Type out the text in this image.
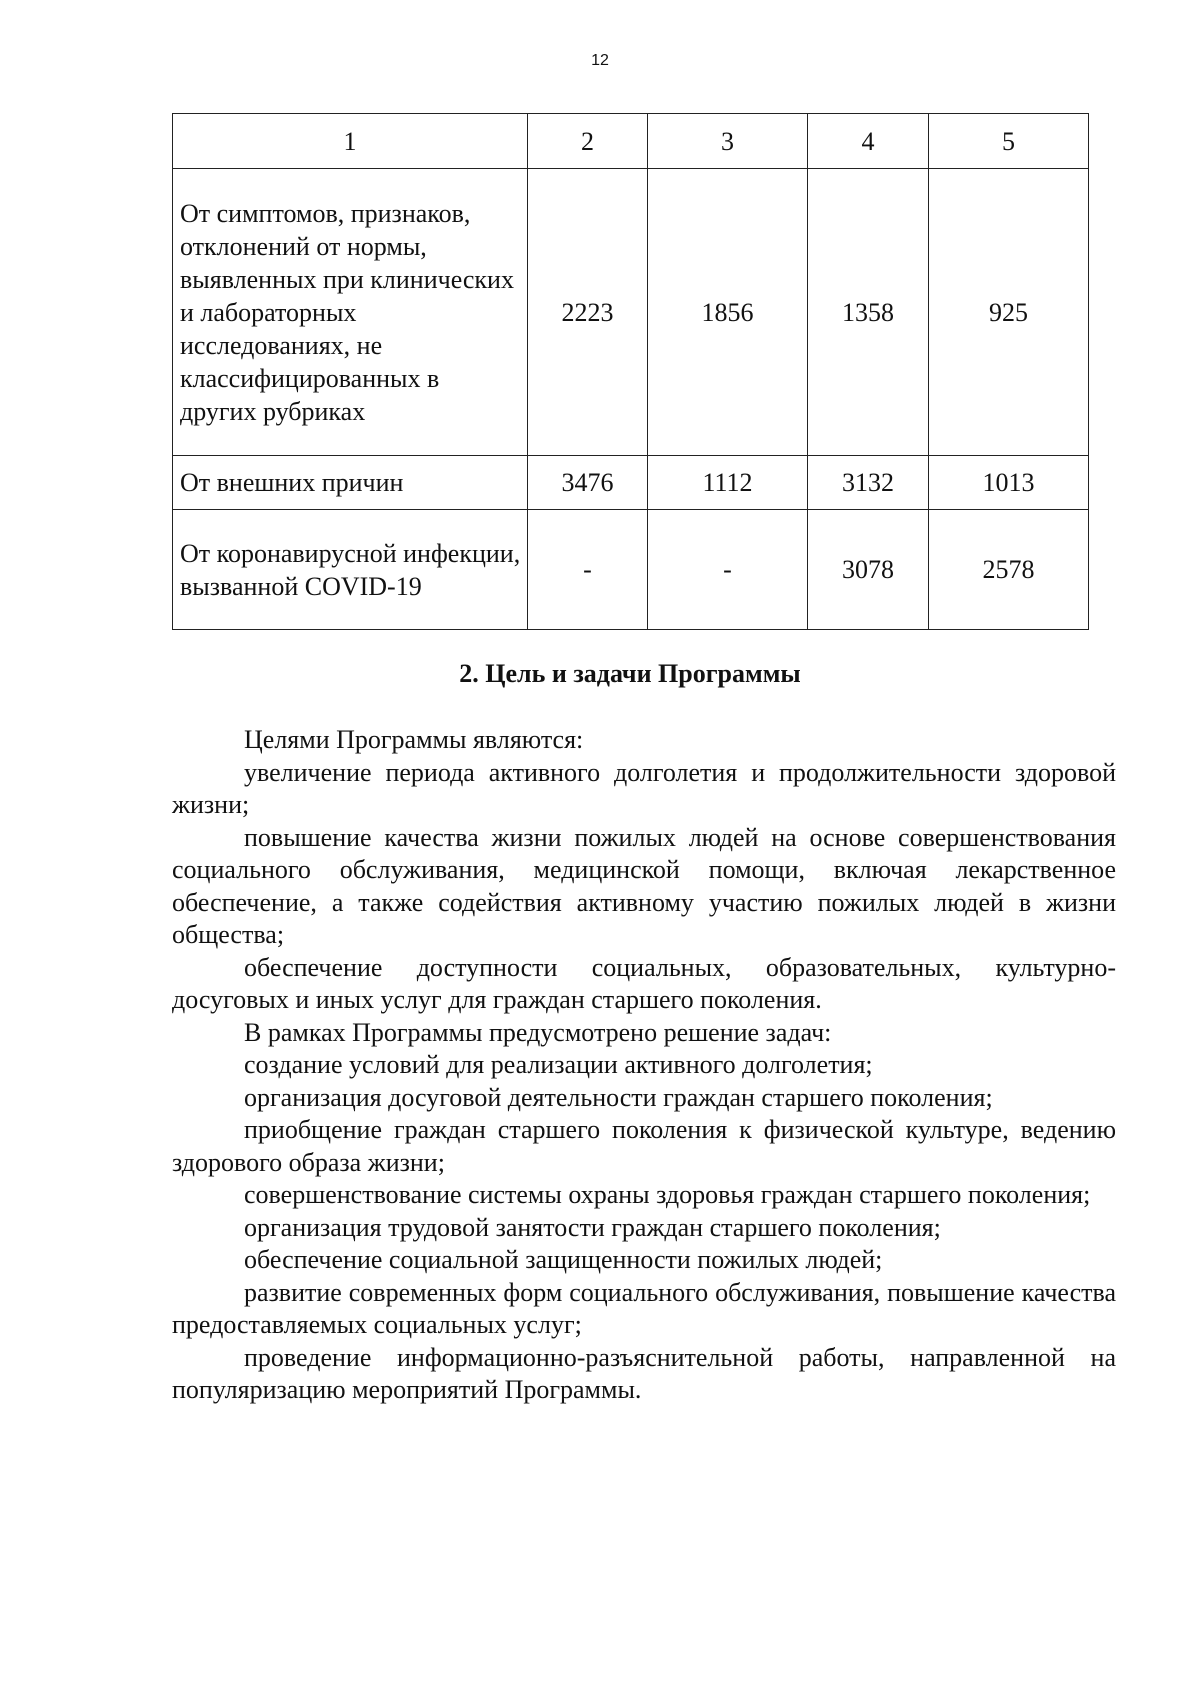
12
1	2	3	4	5
От симптомов, признаков, отклонений от нормы, выявленных при клинических и лабораторных исследованиях, не классифицированных в других рубриках	2223	1856	1358	925
От внешних причин	3476	1112	3132	1013
От коронавирусной инфекции, вызванной COVID-19	-	-	3078	2578
2. Цель и задачи Программы

Целями Программы являются:

увеличение периода активного долголетия и продолжительности здоровой жизни;

повышение качества жизни пожилых людей на основе совершенствования социального обслуживания, медицинской помощи, включая лекарственное обеспечение, а также содействия активному участию пожилых людей в жизни общества;

обеспечение доступности социальных, образовательных, культурно-досуговых и иных услуг для граждан старшего поколения.

В рамках Программы предусмотрено решение задач:

создание условий для реализации активного долголетия;

организация досуговой деятельности граждан старшего поколения;

приобщение граждан старшего поколения к физической культуре, ведению здорового образа жизни;

совершенствование системы охраны здоровья граждан старшего поколения;

организация трудовой занятости граждан старшего поколения;

обеспечение социальной защищенности пожилых людей;

развитие современных форм социального обслуживания, повышение качества предоставляемых социальных услуг;

проведение информационно-разъяснительной работы, направленной на популяризацию мероприятий Программы.
